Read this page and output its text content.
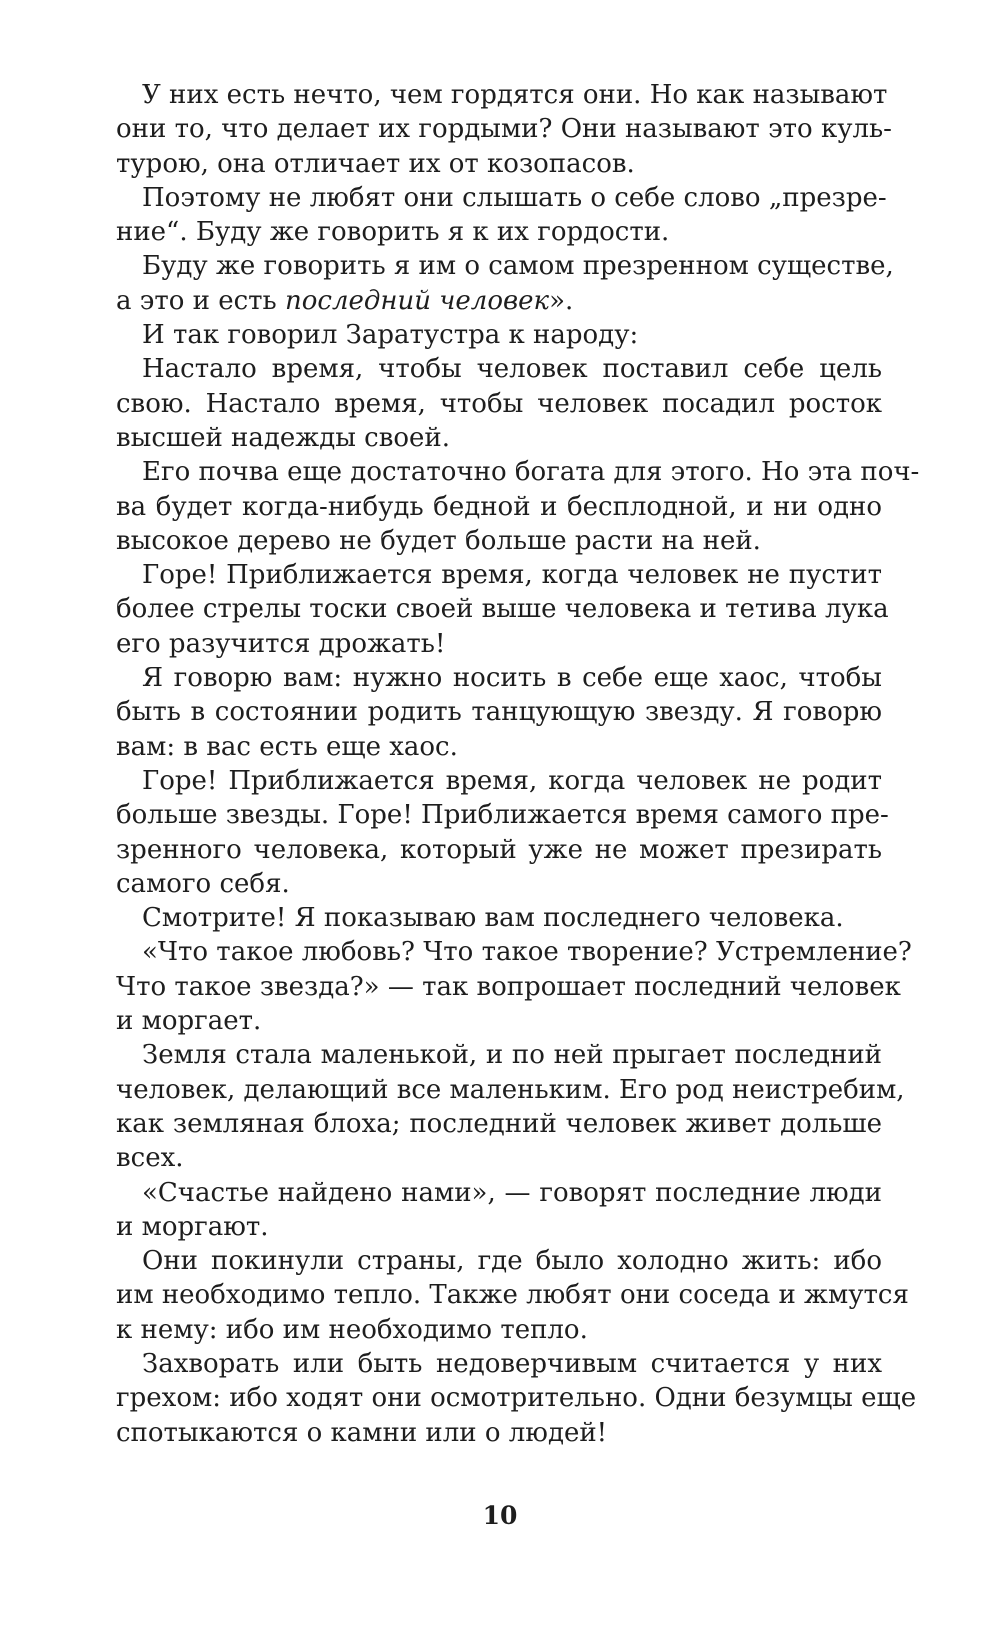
У них есть нечто, чем гордятся они. Но как называют
они то, что делает их гордыми? Они называют это куль-
турою, она отличает их от козопасов.
Поэтому не любят они слышать о себе слово „презре-
ние“. Буду же говорить я к их гордости.
Буду же говорить я им о самом презренном существе,
а это и есть последний человек».
И так говорил Заратустра к народу:
Настало время, чтобы человек поставил себе цель
свою. Настало время, чтобы человек посадил росток
высшей надежды своей.
Его почва еще достаточно богата для этого. Но эта поч-
ва будет когда-нибудь бедной и бесплодной, и ни одно
высокое дерево не будет больше расти на ней.
Горе! Приближается время, когда человек не пустит
более стрелы тоски своей выше человека и тетива лука
его разучится дрожать!
Я говорю вам: нужно носить в себе еще хаос, чтобы
быть в состоянии родить танцующую звезду. Я говорю
вам: в вас есть еще хаос.
Горе! Приближается время, когда человек не родит
больше звезды. Горе! Приближается время самого пре-
зренного человека, который уже не может презирать
самого себя.
Смотрите! Я показываю вам последнего человека.
«Что такое любовь? Что такое творение? Устремление?
Что такое звезда?» — так вопрошает последний человек
и моргает.
Земля стала маленькой, и по ней прыгает последний
человек, делающий все маленьким. Его род неистребим,
как земляная блоха; последний человек живет дольше
всех.
«Счастье найдено нами», — говорят последние люди
и моргают.
Они покинули страны, где было холодно жить: ибо
им необходимо тепло. Также любят они соседа и жмутся
к нему: ибо им необходимо тепло.
Захворать или быть недоверчивым считается у них
грехом: ибо ходят они осмотрительно. Одни безумцы еще
спотыкаются о камни или о людей!
10
